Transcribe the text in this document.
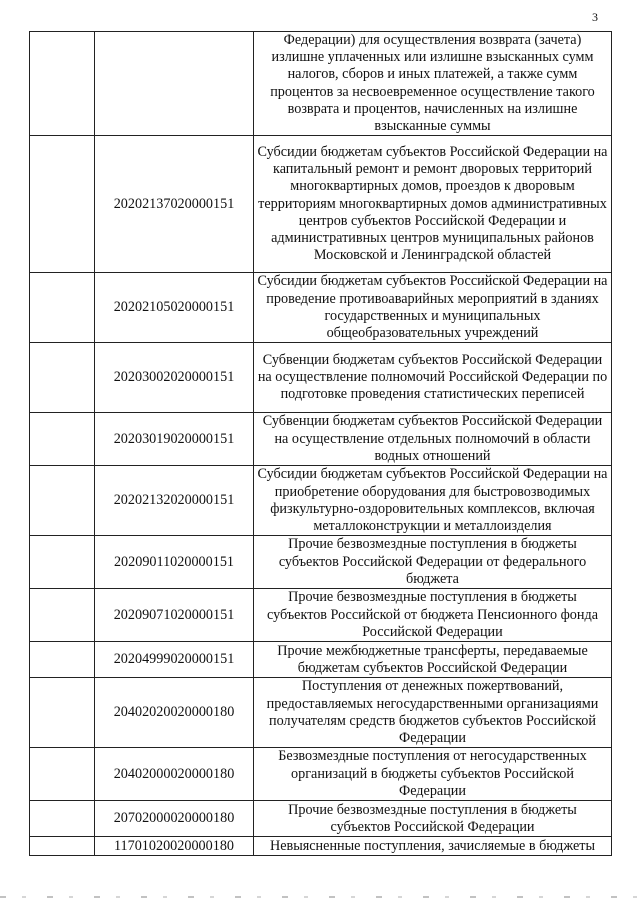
3
		Федерации) для осуществления возврата (зачета) излишне уплаченных или излишне взысканных сумм налогов, сборов и иных платежей, а также сумм процентов за несвоевременное осуществление такого возврата и процентов, начисленных на излишне взысканные суммы
	20202137020000151	Субсидии бюджетам субъектов Российской Федерации на капитальный ремонт и ремонт дворовых территорий многоквартирных домов, проездов к дворовым территориям многоквартирных домов административных центров субъектов Российской Федерации и административных центров муниципальных районов Московской и Ленинградской областей
	20202105020000151	Субсидии бюджетам субъектов Российской Федерации на проведение противоаварийных мероприятий в зданиях государственных и муниципальных общеобразовательных учреждений
	20203002020000151	Субвенции бюджетам субъектов Российской Федерации на осуществление полномочий Российской Федерации по подготовке проведения статистических переписей
	20203019020000151	Субвенции бюджетам субъектов Российской Федерации на осуществление отдельных полномочий в области водных отношений
	20202132020000151	Субсидии бюджетам субъектов Российской Федерации на приобретение оборудования для быстровозводимых физкультурно-оздоровительных комплексов, включая металлоконструкции и металлоизделия
	20209011020000151	Прочие безвозмездные поступления в бюджеты субъектов Российской Федерации от федерального бюджета
	20209071020000151	Прочие безвозмездные поступления в бюджеты субъектов Российской от бюджета Пенсионного фонда Российской Федерации
	20204999020000151	Прочие межбюджетные трансферты, передаваемые бюджетам субъектов Российской Федерации
	20402020020000180	Поступления от денежных пожертвований, предоставляемых негосударственными организациями получателям средств бюджетов субъектов Российской Федерации
	20402000020000180	Безвозмездные поступления от негосударственных организаций в бюджеты субъектов Российской Федерации
	20702000020000180	Прочие безвозмездные поступления в бюджеты субъектов Российской Федерации
	11701020020000180	Невыясненные поступления, зачисляемые в бюджеты
